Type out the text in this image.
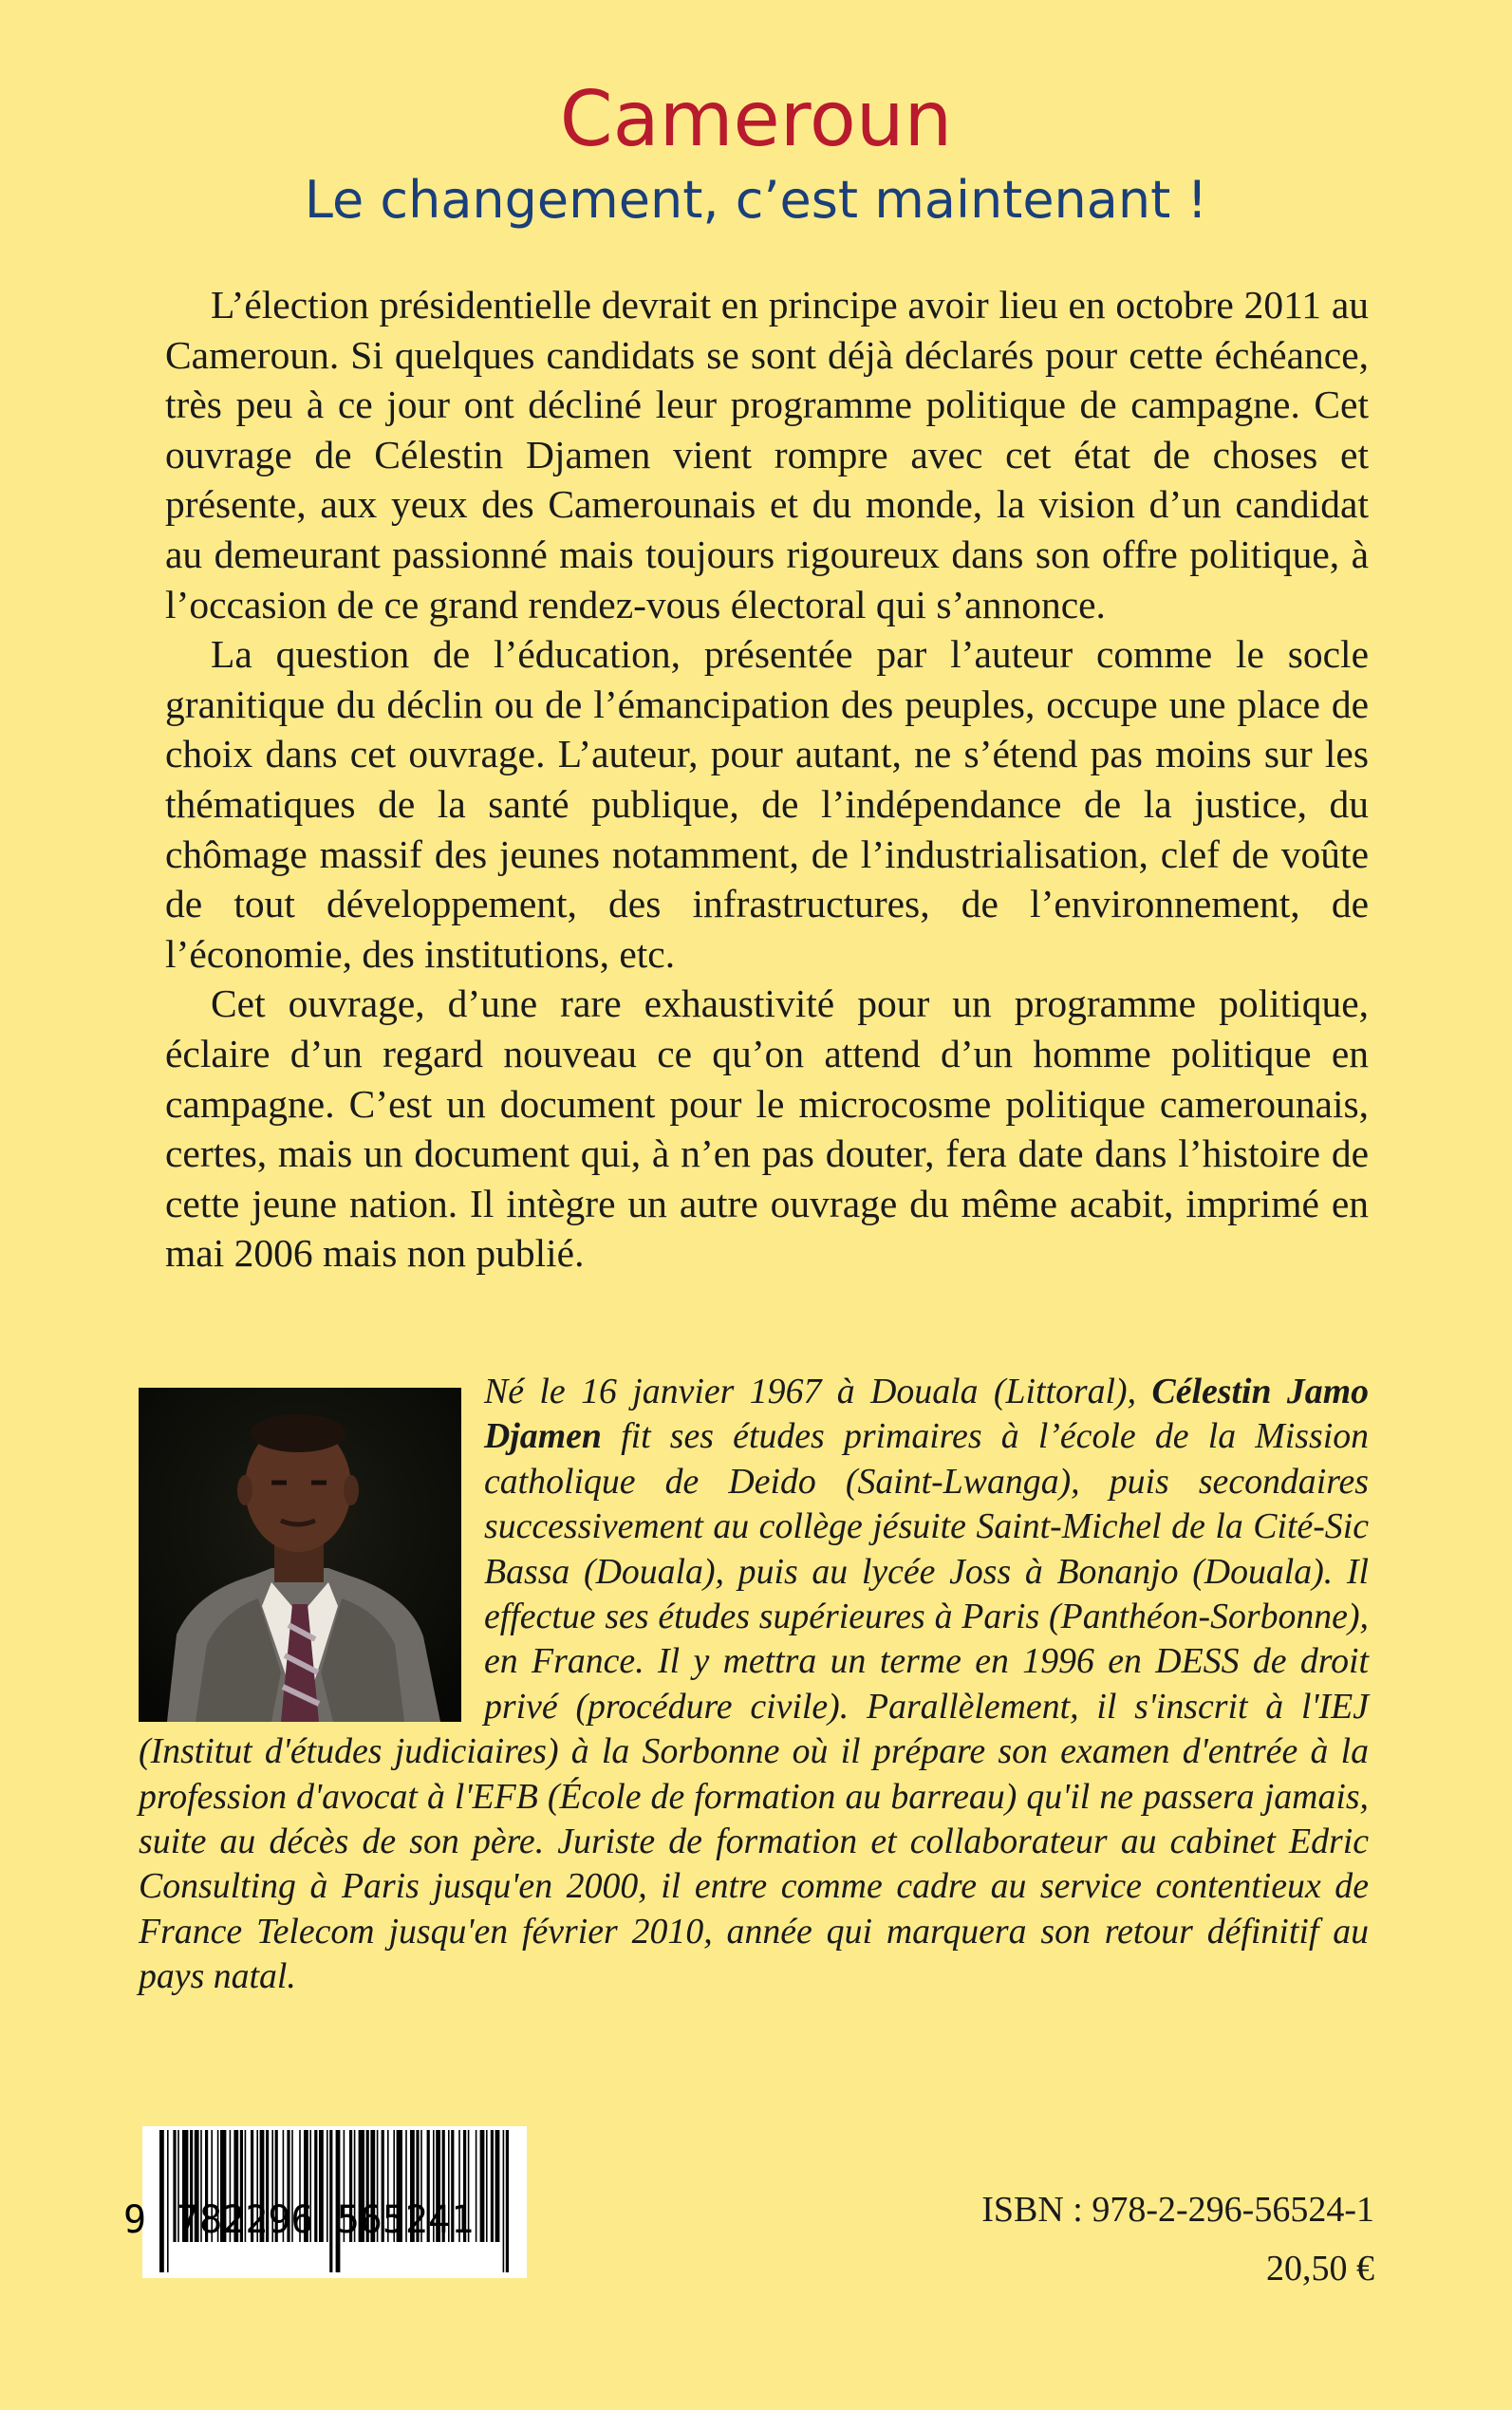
Cameroun
Le changement, c’est maintenant !

L’élection présidentielle devrait en principe avoir lieu en octobre 2011 au Cameroun. Si quelques candidats se sont déjà déclarés pour cette échéance, très peu à ce jour ont décliné leur programme politique de campagne. Cet ouvrage de Célestin Djamen vient rompre avec cet état de choses et présente, aux yeux des Camerounais et du monde, la vision d’un candidat au demeurant passionné mais toujours rigoureux dans son offre politique, à l’occasion de ce grand rendez-vous électoral qui s’annonce.

La question de l’éducation, présentée par l’auteur comme le socle granitique du déclin ou de l’émancipation des peuples, occupe une place de choix dans cet ouvrage. L’auteur, pour autant, ne s’étend pas moins sur les thématiques de la santé publique, de l’indépendance de la justice, du chômage massif des jeunes notamment, de l’industrialisation, clef de voûte de tout développement, des infrastructures, de l’environnement, de l’économie, des institutions, etc.

Cet ouvrage, d’une rare exhaustivité pour un programme politique, éclaire d’un regard nouveau ce qu’on attend d’un homme politique en campagne. C’est un document pour le microcosme politique camerounais, certes, mais un document qui, à n’en pas douter, fera date dans l’histoire de cette jeune nation. Il intègre un autre ouvrage du même acabit, imprimé en mai 2006 mais non publié.

Né le 16 janvier 1967 à Douala (Littoral), Célestin Jamo Djamen fit ses études primaires à l’école de la Mission catholique de Deido (Saint-Lwanga), puis secondaires successivement au collège jésuite Saint-Michel de la Cité-Sic Bassa (Douala), puis au lycée Joss à Bonanjo (Douala). Il effectue ses études supérieures à Paris (Panthéon-Sorbonne), en France. Il y mettra un terme en 1996 en DESS de droit privé (procédure civile). Parallèlement, il s'inscrit à l'IEJ (Institut d'études judiciaires) à la Sorbonne où il prépare son examen d'entrée à la profession d'avocat à l'EFB (École de formation au barreau) qu'il ne passera jamais, suite au décès de son père. Juriste de formation et collaborateur au cabinet Edric Consulting à Paris jusqu'en 2000, il entre comme cadre au service contentieux de France Telecom jusqu'en février 2010, année qui marquera son retour définitif au pays natal.

9 782296 565241	ISBN : 978-2-296-56524-1
20,50 €
